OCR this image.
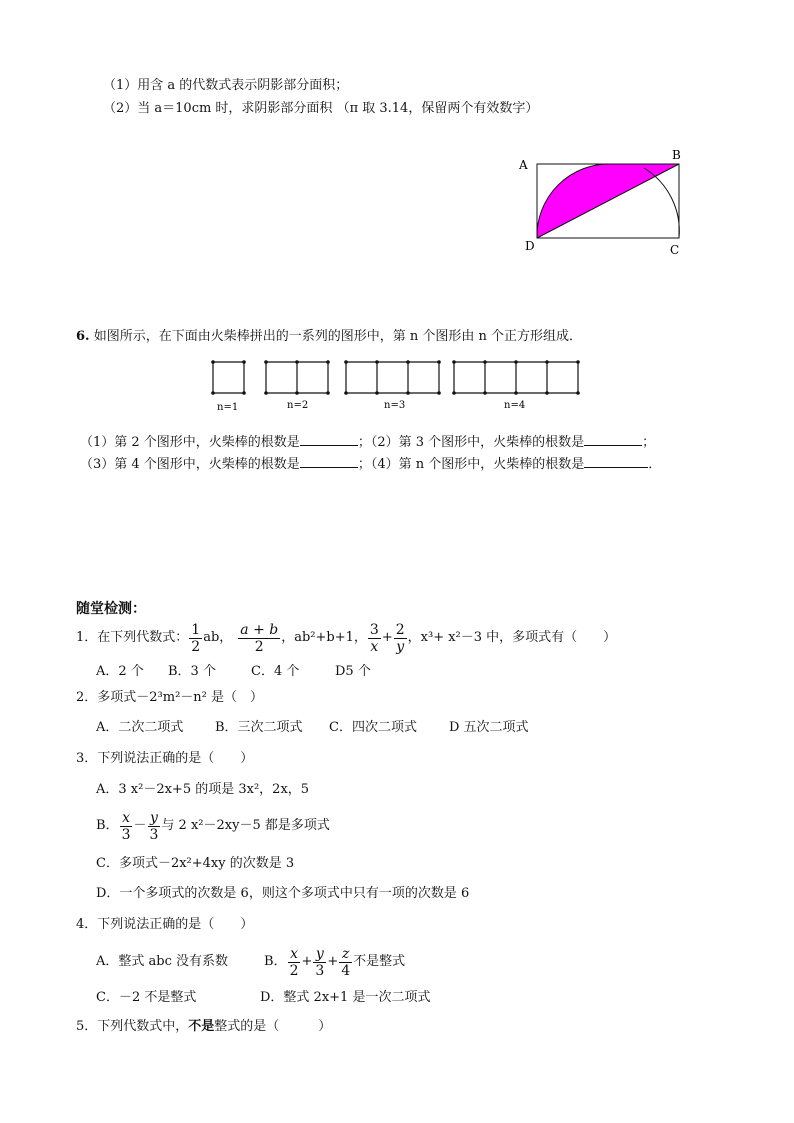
（1）用含 a 的代数式表示阴影部分面积；
（2）当 a＝10cm 时，求阴影部分面积 （π 取 3.14，保留两个有效数字）
A
B
C
D
6. 如图所示，在下面由火柴棒拼出的一系列的图形中，第 n 个图形由 n 个正方形组成．
n=1	n=2	n=3	n=4
（1）第 2 个图形中，火柴棒的根数是	；（2）第 3 个图形中，火柴棒的根数是	；
（3）第 4 个图形中，火柴棒的根数是	；（4）第 n 个图形中，火柴棒的根数是	．
随堂检测：
1．在下列代数式： $\frac{1}{2}$ ab， $\frac{a + b}{2}$ ，ab²+b+1， $\frac{3}{x} + \frac{2}{y}$ ，x³+ x²－3 中，多项式有（　　）
A．2 个 B．3 个	C．4 个	D5 个
2．多项式－2³m²－n² 是（　）
A．二次二项式 B．三次二项式 C．四次二项式 D 五次二项式
3．下列说法正确的是（　　）
A．3 x²－2x+5 的项是 3x²，2x，5
B． $\frac{x}{3} - \frac{y}{3}$ 与 2 x²－2xy－5 都是多项式
C．多项式－2x²+4xy 的次数是 3
D．一个多项式的次数是 6，则这个多项式中只有一项的次数是 6
4．下列说法正确的是（　　）
A．整式 abc 没有系数	B． $\frac{x}{2} + \frac{y}{3} + \frac{z}{4}$ 不是整式
C．－2 不是整式	D．整式 2x+1 是一次二项式
5．下列代数式中，不是整式的是（　　　）
